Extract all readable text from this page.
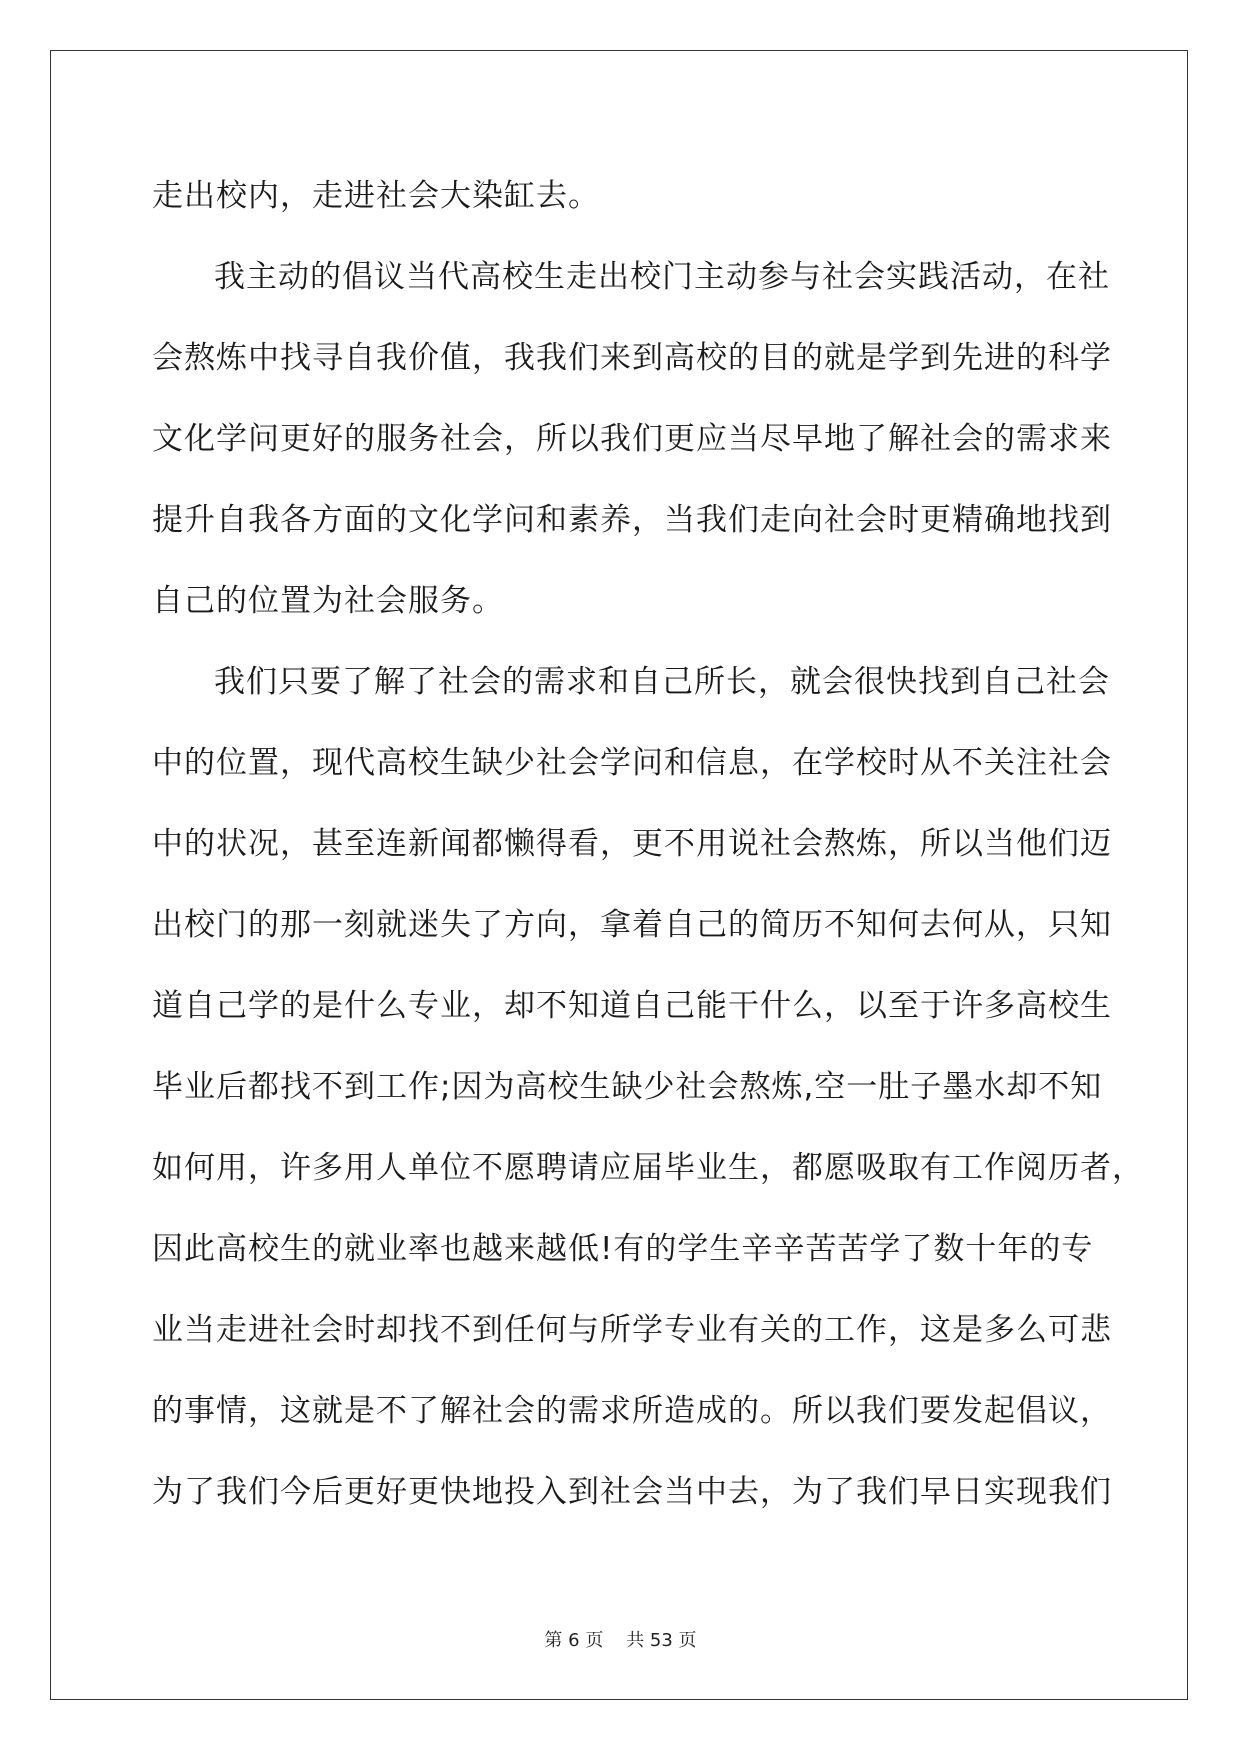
走出校内，走进社会大染缸去。
我主动的倡议当代高校生走出校门主动参与社会实践活动，在社
会熬炼中找寻自我价值，我我们来到高校的目的就是学到先进的科学
文化学问更好的服务社会，所以我们更应当尽早地了解社会的需求来
提升自我各方面的文化学问和素养，当我们走向社会时更精确地找到
自己的位置为社会服务。
我们只要了解了社会的需求和自己所长，就会很快找到自己社会
中的位置，现代高校生缺少社会学问和信息，在学校时从不关注社会
中的状况，甚至连新闻都懒得看，更不用说社会熬炼，所以当他们迈
出校门的那一刻就迷失了方向，拿着自己的简历不知何去何从，只知
道自己学的是什么专业，却不知道自己能干什么，以至于许多高校生
毕业后都找不到工作;因为高校生缺少社会熬炼,空一肚子墨水却不知
如何用，许多用人单位不愿聘请应届毕业生，都愿吸取有工作阅历者，
因此高校生的就业率也越来越低!有的学生辛辛苦苦学了数十年的专
业当走进社会时却找不到任何与所学专业有关的工作，这是多么可悲
的事情，这就是不了解社会的需求所造成的。所以我们要发起倡议，
为了我们今后更好更快地投入到社会当中去，为了我们早日实现我们
第 6 页    共 53 页
